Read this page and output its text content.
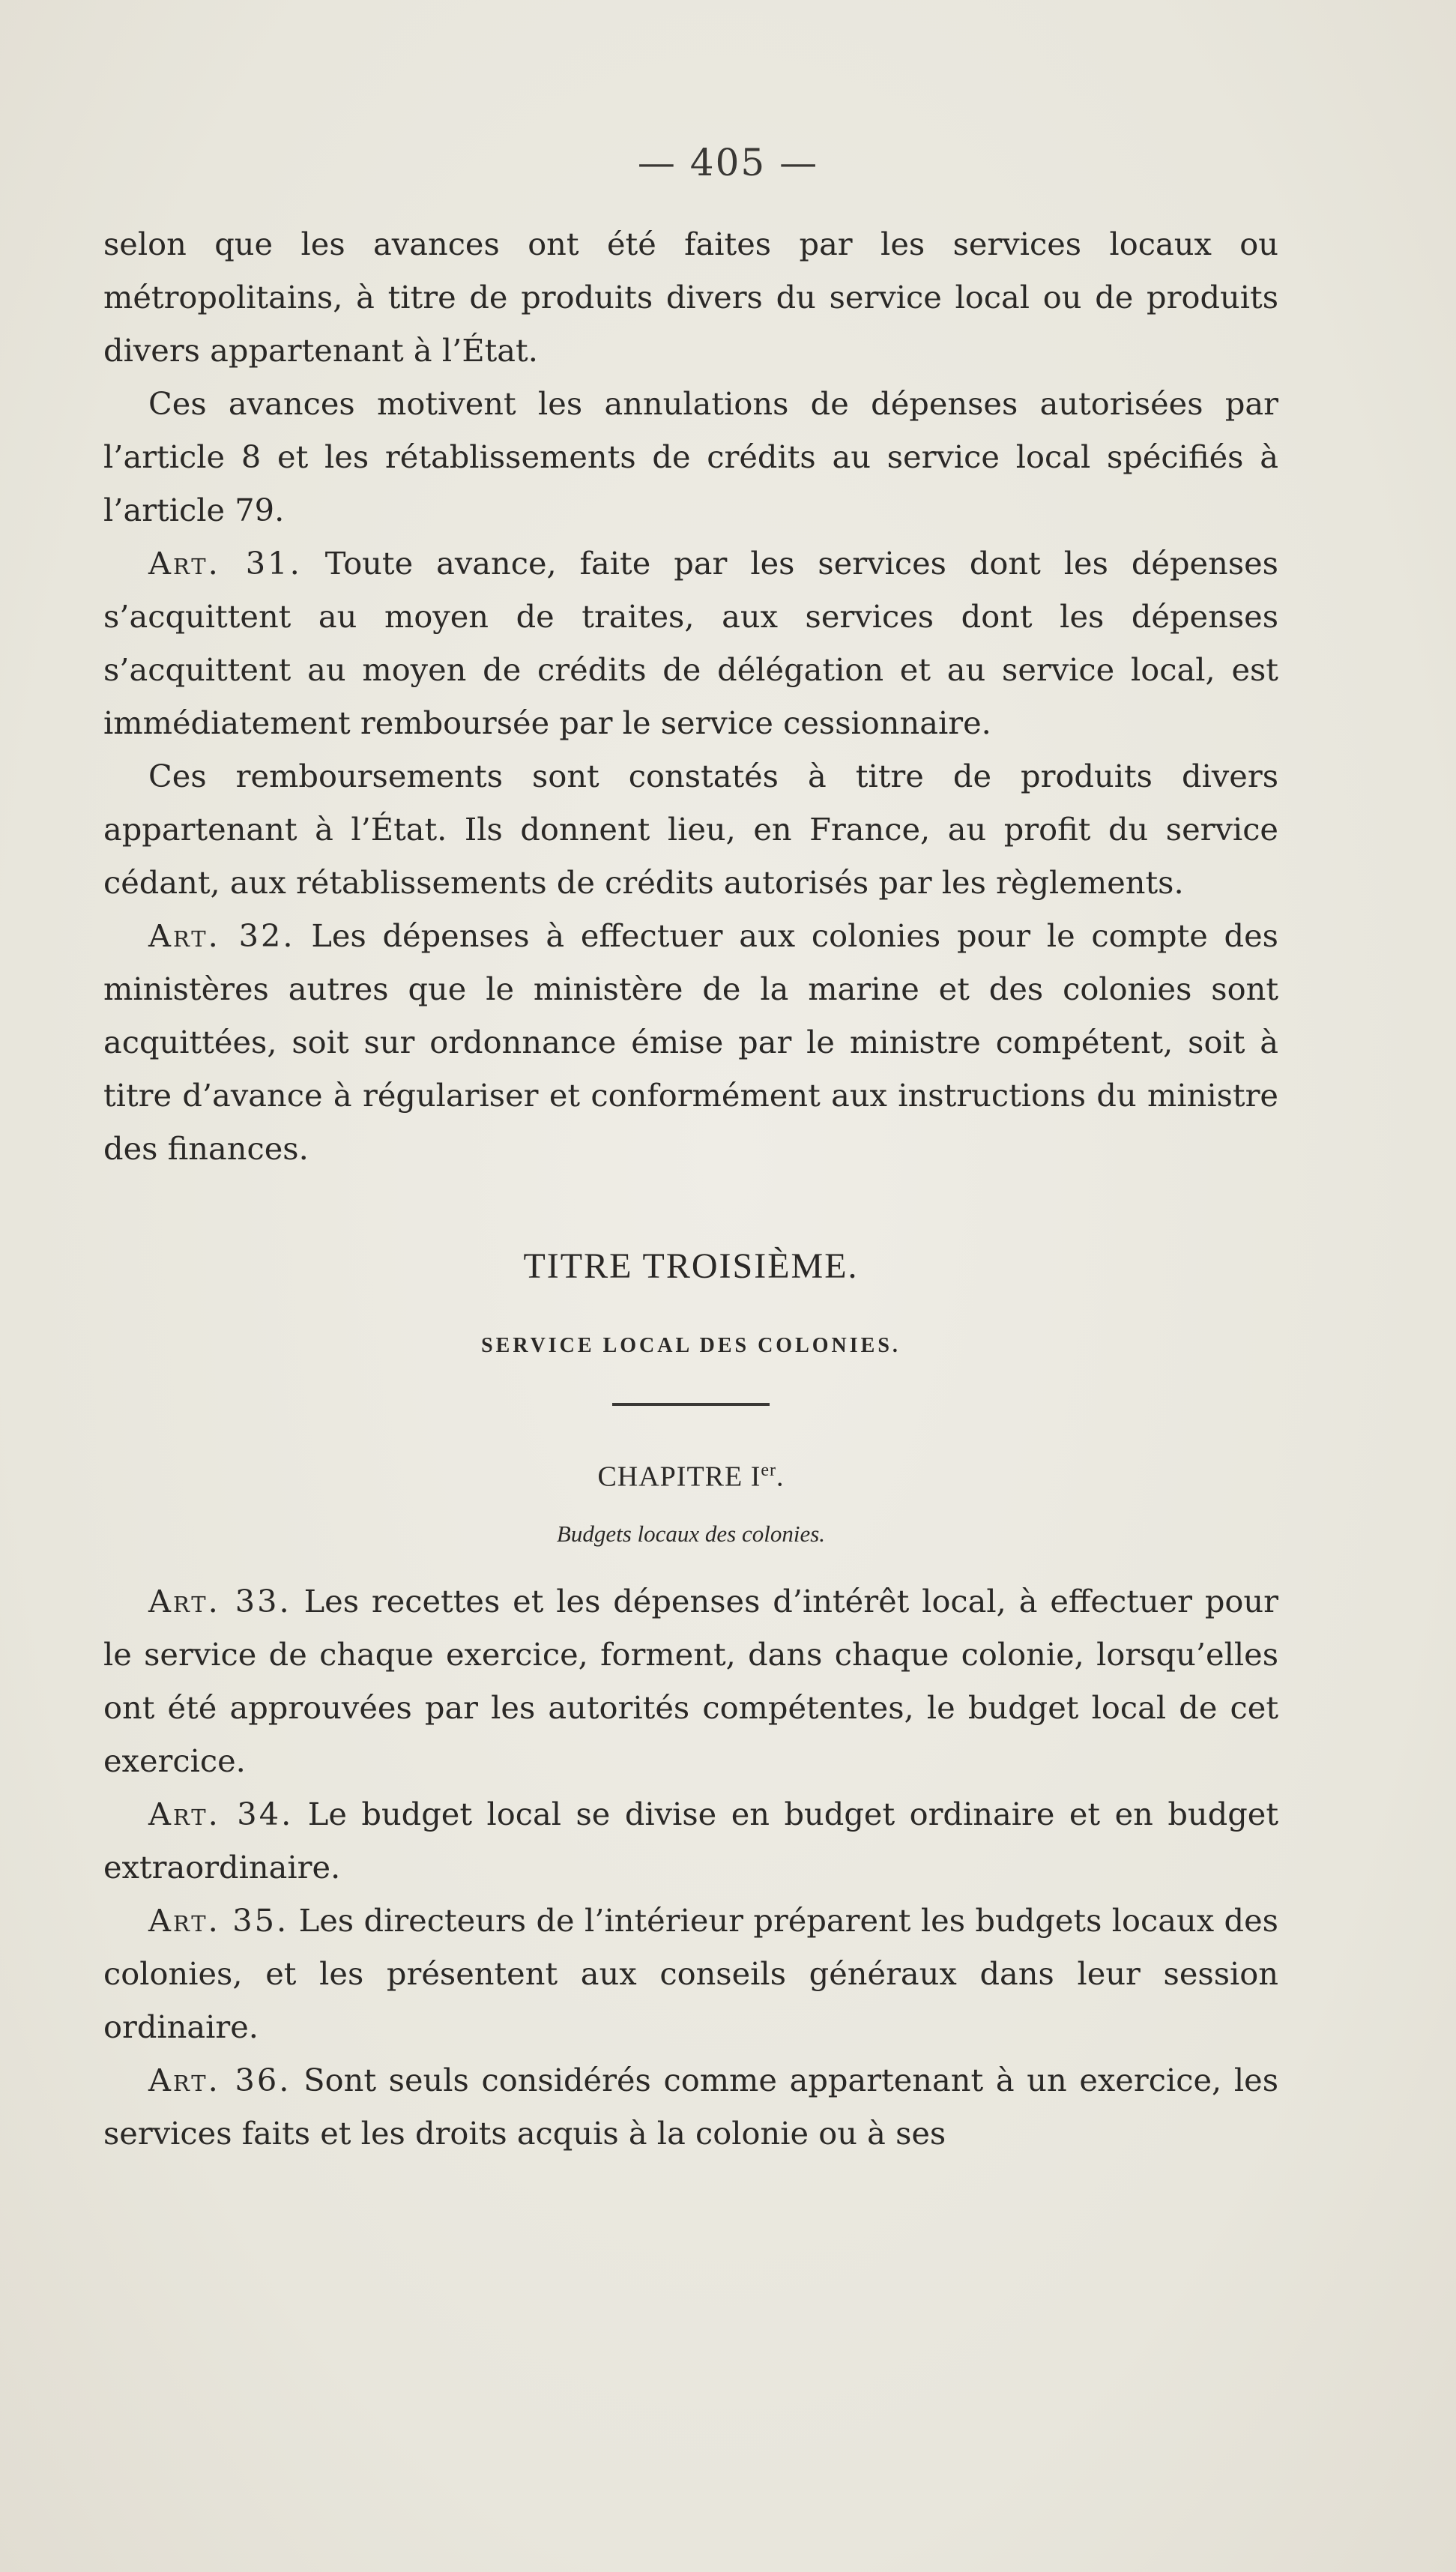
— 405 —

selon que les avances ont été faites par les services locaux ou métropolitains, à titre de produits divers du service local ou de produits divers appartenant à l’État.

Ces avances motivent les annulations de dépenses autorisées par l’article 8 et les rétablissements de crédits au service local spécifiés à l’article 79.

Art. 31. Toute avance, faite par les services dont les dépenses s’acquittent au moyen de traites, aux services dont les dépenses s’acquittent au moyen de crédits de délégation et au service local, est immédiatement remboursée par le service cessionnaire.

Ces remboursements sont constatés à titre de produits divers appartenant à l’État. Ils donnent lieu, en France, au profit du service cédant, aux rétablissements de crédits autorisés par les règlements.

Art. 32. Les dépenses à effectuer aux colonies pour le compte des ministères autres que le ministère de la marine et des colonies sont acquittées, soit sur ordonnance émise par le ministre compétent, soit à titre d’avance à régulariser et conformément aux instructions du ministre des finances.

TITRE TROISIÈME.

SERVICE LOCAL DES COLONIES.

CHAPITRE Ier.

Budgets locaux des colonies.

Art. 33. Les recettes et les dépenses d’intérêt local, à effectuer pour le service de chaque exercice, forment, dans chaque colonie, lorsqu’elles ont été approuvées par les autorités compétentes, le budget local de cet exercice.

Art. 34. Le budget local se divise en budget ordinaire et en budget extraordinaire.

Art. 35. Les directeurs de l’intérieur préparent les budgets locaux des colonies, et les présentent aux conseils généraux dans leur session ordinaire.

Art. 36. Sont seuls considérés comme appartenant à un exercice, les services faits et les droits acquis à la colonie ou à ses
